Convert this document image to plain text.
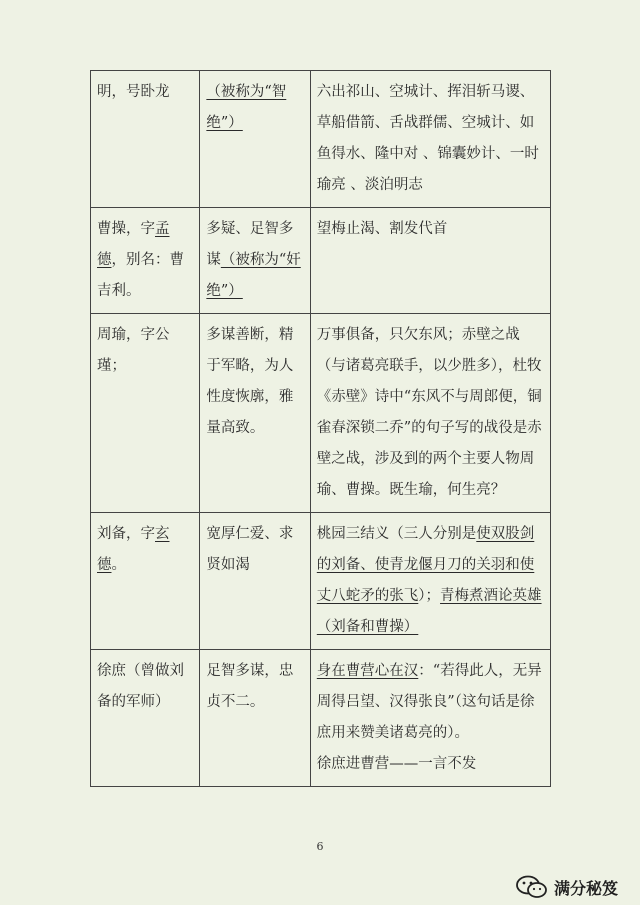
明，号卧龙	（被称为“智绝”）	六出祁山、空城计、挥泪斩马谡、草船借箭、舌战群儒、空城计、如鱼得水、隆中对 、锦囊妙计、一时瑜亮 、淡泊明志
曹操，字孟德，别名：曹吉利。	多疑、足智多谋（被称为“奸绝”）	望梅止渴、割发代首
周瑜，字公瑾；	多谋善断，精于军略，为人性度恢廓，雅量高致。	万事俱备，只欠东风；赤壁之战（与诸葛亮联手，以少胜多），杜牧《赤壁》诗中“东风不与周郎便，铜雀春深锁二乔”的句子写的战役是赤壁之战，涉及到的两个主要人物周瑜、曹操。既生瑜，何生亮？
刘备，字玄德。	宽厚仁爱、求贤如渴	桃园三结义（三人分别是使双股剑的刘备、使青龙偃月刀的关羽和使丈八蛇矛的张飞）；青梅煮酒论英雄（刘备和曹操）
徐庶（曾做刘备的军师）	足智多谋，忠贞不二。	身在曹营心在汉：“若得此人，无异周得吕望、汉得张良”（这句话是徐庶用来赞美诸葛亮的）。
徐庶进曹营——一言不发
6
满分秘笈
